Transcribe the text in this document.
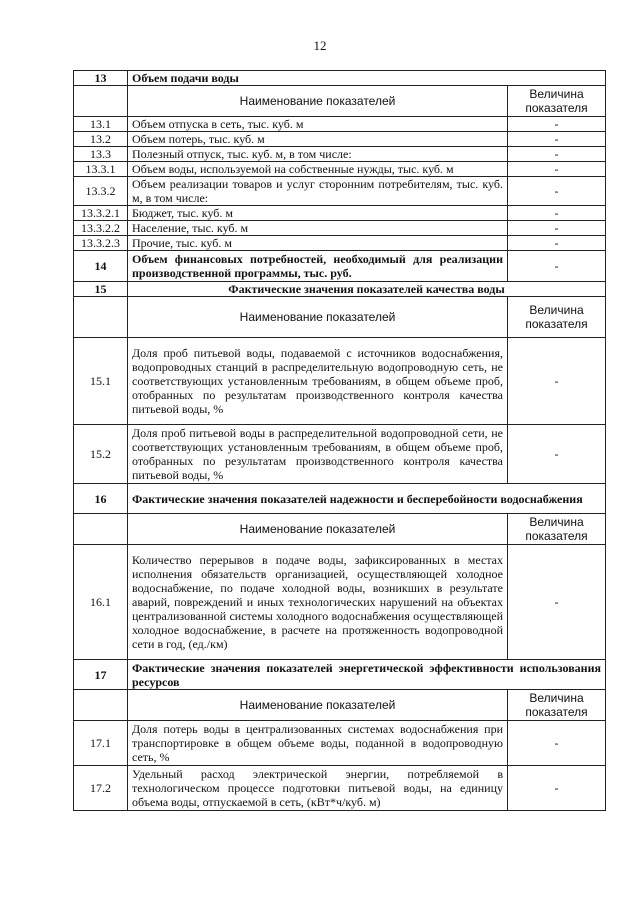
12
13	Объем подачи воды	
	Наименование показателей	Величина показателя
13.1	Объем отпуска в сеть, тыс. куб. м	-
13.2	Объем потерь, тыс. куб. м	-
13.3	Полезный отпуск, тыс. куб. м, в том числе:	-
13.3.1	Объем воды, используемой на собственные нужды, тыс. куб. м	-
13.3.2	Объем реализации товаров и услуг сторонним потребителям, тыс. куб. м, в том числе:	-
13.3.2.1	Бюджет, тыс. куб. м	-
13.3.2.2	Население, тыс. куб. м	-
13.3.2.3	Прочие, тыс. куб. м	-
14	Объем финансовых потребностей, необходимый для реализации производственной программы, тыс. руб.	-
15	Фактические значения показателей качества воды	
	Наименование показателей	Величина показателя
15.1	Доля проб питьевой воды, подаваемой с источников водоснабжения, водопроводных станций в распределительную водопроводную сеть, не соответствующих установленным требованиям, в общем объеме проб, отобранных по результатам производственного контроля качества питьевой воды, %	-
15.2	Доля проб питьевой воды в распределительной водопроводной сети, не соответствующих установленным требованиям, в общем объеме проб, отобранных по результатам производственного контроля качества питьевой воды, %	-
16	Фактические значения показателей надежности и бесперебойности водоснабжения	
	Наименование показателей	Величина показателя
16.1	Количество перерывов в подаче воды, зафиксированных в местах исполнения обязательств организацией, осуществляющей холодное водоснабжение, по подаче холодной воды, возникших в результате аварий, повреждений и иных технологических нарушений на объектах централизованной системы холодного водоснабжения осуществляющей холодное водоснабжение, в расчете на протяженность водопроводной сети в год, (ед./км)	-
17	Фактические значения показателей энергетической эффективности использования ресурсов	
	Наименование показателей	Величина показателя
17.1	Доля потерь воды в централизованных системах водоснабжения при транспортировке в общем объеме воды, поданной в водопроводную сеть, %	-
17.2	Удельный расход электрической энергии, потребляемой в технологическом процессе подготовки питьевой воды, на единицу объема воды, отпускаемой в сеть, (кВт*ч/куб. м)	-
